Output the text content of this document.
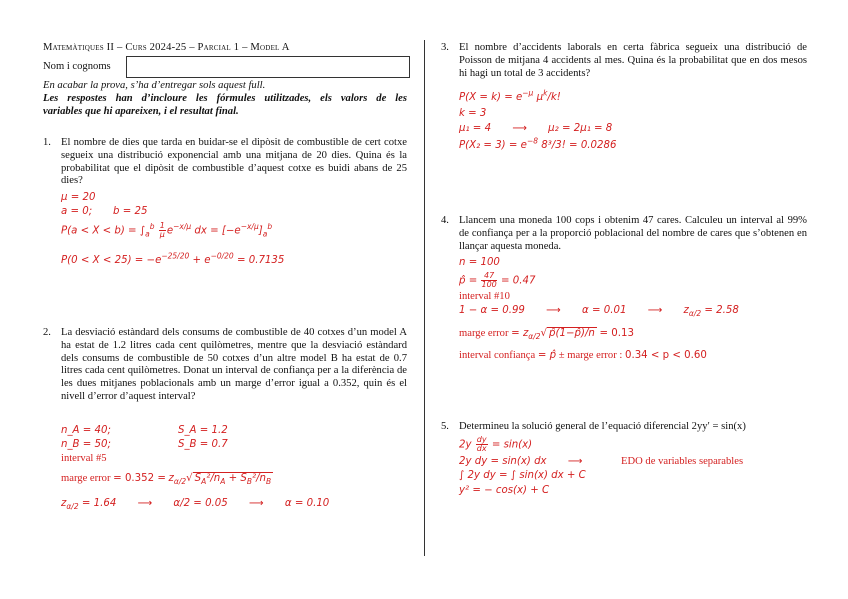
Matemàtiques II – Curs 2024-25 – Parcial 1 – Model A
Nom i cognoms
En acabar la prova, s’ha d’entregar sols aquest full.
Les respostes han d’incloure les fórmules utilitzades, els valors de les
variables que hi apareixen, i el resultat final.
1. El nombre de dies que tarda en buidar-se el dipòsit de combustible de cert cotxe segueix una distribució exponencial amb una mitjana de 20 dies. Quina és la probabilitat que el dipòsit de combustible d’aquest cotxe es buidi abans de 25 dies?
μ = 20
a = 0; b = 25
$P(a < X < b) = \int_a^b \frac{1}{\mu} e^{-x/\mu}$ dx = $[-e^{-x/\mu}]_a^b$
$P(0 < X < 25) = -e^{-25/20} + e^{-0/20} = 0.7135$
2. La desviació estàndard dels consums de combustible de 40 cotxes d’un model A ha estat de 1.2 litres cada cent quilòmetres, mentre que la desviació estàndard dels consums de combustible de 50 cotxes d’un altre model B ha estat de 0.7 litres cada cent quilòmetres. Donat un interval de confiança per a la diferència de les dues mitjanes poblacionals amb un marge d’error igual a 0.352, quin és el nivell d’error d’aquest interval?
n_A = 40;	S_A = 1.2
n_B = 50;	S_B = 0.7
interval #5
marge error = $0.352 = z_{\alpha/2}√$ $S_A^2/n_A + S_B^2/n_B$
$z_{\alpha/2} = 1.64$ ⟶ α/2 = 0.05 ⟶ α = 0.10
3. El nombre d’accidents laborals en certa fàbrica segueix una distribució de Poisson de mitjana 4 accidents al mes. Quina és la probabilitat que en dos mesos hi hagi un total de 3 accidents?
$P(X = k) = e^{-\mu}$ $\mu^k/k$!
k = 3
μ₁ = 4 ⟶ μ₂ = 2μ₁ = 8
$P(X_2 = 3) = e^{-8}$ 8³/3! = 0.0286
4. Llancem una moneda 100 cops i obtenim 47 cares. Calculeu un interval al 99% de confiança per a la proporció poblacional del nombre de cares que s’obtenen en llançar aquesta moneda.
n = 100
p̂ = $\frac{47}{100} = 0.47$
interval #10
1 − α = 0.99 ⟶ α = 0.01 ⟶ $z_{\alpha/2} = 2.58$
marge error = $z_{\alpha/2}√$ p̂(1−p̂)/n = 0.13
interval confiança = p̂ ± marge error : 0.34 < p < 0.60
5. Determineu la solució general de l’equació diferencial 2yy′ = sin(x)
$2y \frac{dy}{dx} = \sin(x)$
2y dy = sin(x) dx ⟶	EDO de variables separables
∫ 2y dy = ∫ sin(x) dx + C
y² = − cos(x) + C
